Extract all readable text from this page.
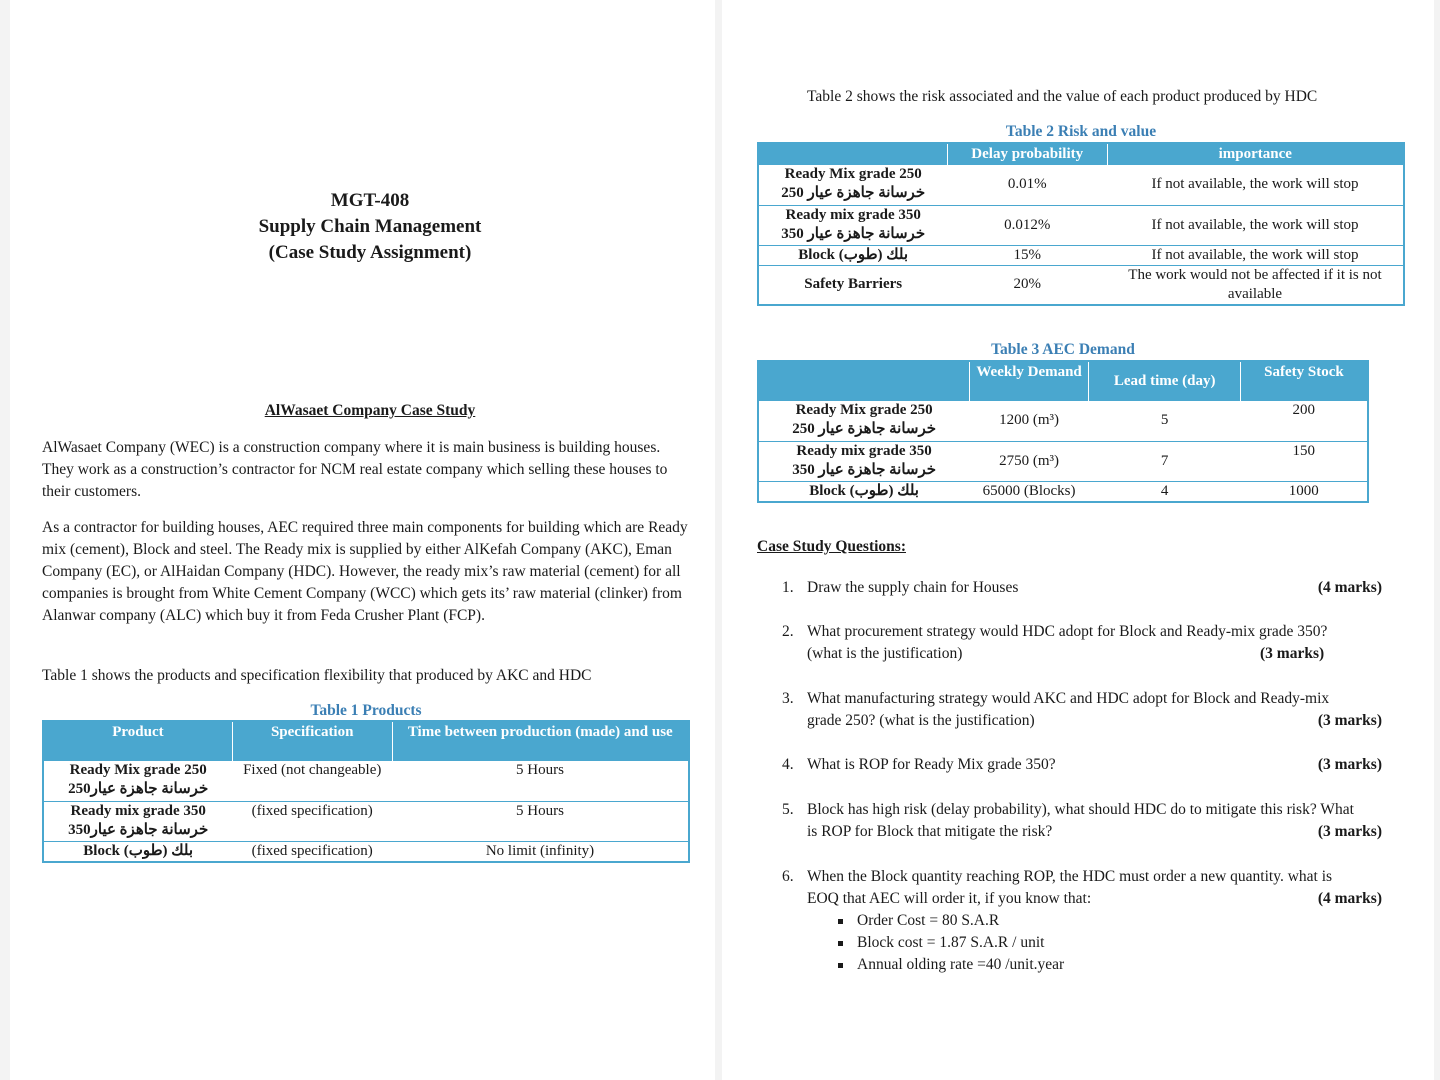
MGT-408
Supply Chain Management
(Case Study Assignment)
AlWasaet Company Case Study
AlWasaet Company (WEC) is a construction company where it is main business is building houses. They work as a construction’s contractor for NCM real estate company which selling these houses to their customers.
As a contractor for building houses, AEC required three main components for building which are Ready mix (cement), Block and steel. The Ready mix is supplied by either AlKefah Company (AKC), Eman Company (EC), or AlHaidan Company (HDC). However, the ready mix’s raw material (cement) for all companies is brought from White Cement Company (WCC) which gets its’ raw material (clinker) from Alanwar company (ALC) which buy it from Feda Crusher Plant (FCP).
Table 1 shows the products and specification flexibility that produced by AKC and HDC
Table 1 Products
Product	Specification	Time between production (made) and use

Ready Mix grade 250
خرسانة جاهزة عيار250	Fixed (not changeable)	5 Hours

Ready mix grade 350
خرسانة جاهزة عيار350	(fixed specification)	5 Hours
Block (طوب) بلك	(fixed specification)	No limit (infinity)
Table 2 shows the risk associated and the value of each product produced by HDC
Table 2 Risk and value
	Delay probability	importance

Ready Mix grade 250
خرسانة جاهزة عيار 250	0.01%	If not available, the work will stop

Ready mix grade 350
خرسانة جاهزة عيار 350	0.012%	If not available, the work will stop
Block (طوب) بلك	15%	If not available, the work will stop
Safety Barriers	20%	The work would not be affected if it is not available
Table 3 AEC Demand
	Weekly Demand	Lead time (day)	Safety Stock

Ready Mix grade 250
خرسانة جاهزة عيار 250	1200 (m³)	5	200

Ready mix grade 350
خرسانة جاهزة عيار 350	2750 (m³)	7	150
Block (طوب) بلك	65000 (Blocks)	4	1000
Case Study Questions:
1. Draw the supply chain for Houses	(4 marks)
2. What procurement strategy would HDC adopt for Block and Ready-mix grade 350?
(what is the justification)	(3 marks)
3. What manufacturing strategy would AKC and HDC adopt for Block and Ready-mix
grade 250? (what is the justification)	(3 marks)
4. What is ROP for Ready Mix grade 350?	(3 marks)
5. Block has high risk (delay probability), what should HDC do to mitigate this risk? What
is ROP for Block that mitigate the risk?	(3 marks)
6. When the Block quantity reaching ROP, the HDC must order a new quantity. what is
EOQ that AEC will order it, if you know that:	(4 marks)
Order Cost = 80 S.A.R
Block cost = 1.87 S.A.R / unit
Annual olding rate =40 /unit.year
